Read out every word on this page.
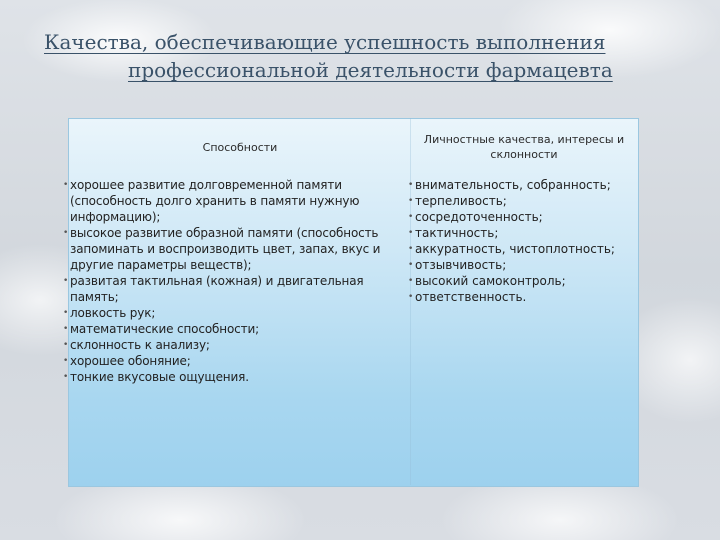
Качества, обеспечивающие успешность выполнения
профессиональной деятельности фармацевта
Способности
Личностные качества, интересы и склонности
• хорошее развитие долговременной памяти (способность долго хранить в памяти нужную информацию);
• высокое развитие образной памяти (способность запоминать и воспроизводить цвет, запах, вкус и другие параметры веществ);
• развитая тактильная (кожная) и двигательная память;
• ловкость рук;
• математические способности;
• склонность к анализу;
• хорошее обоняние;
• тонкие вкусовые ощущения.
• внимательность, собранность;
• терпеливость;
• сосредоточенность;
• тактичность;
• аккуратность, чистоплотность;
• отзывчивость;
• высокий самоконтроль;
• ответственность.
